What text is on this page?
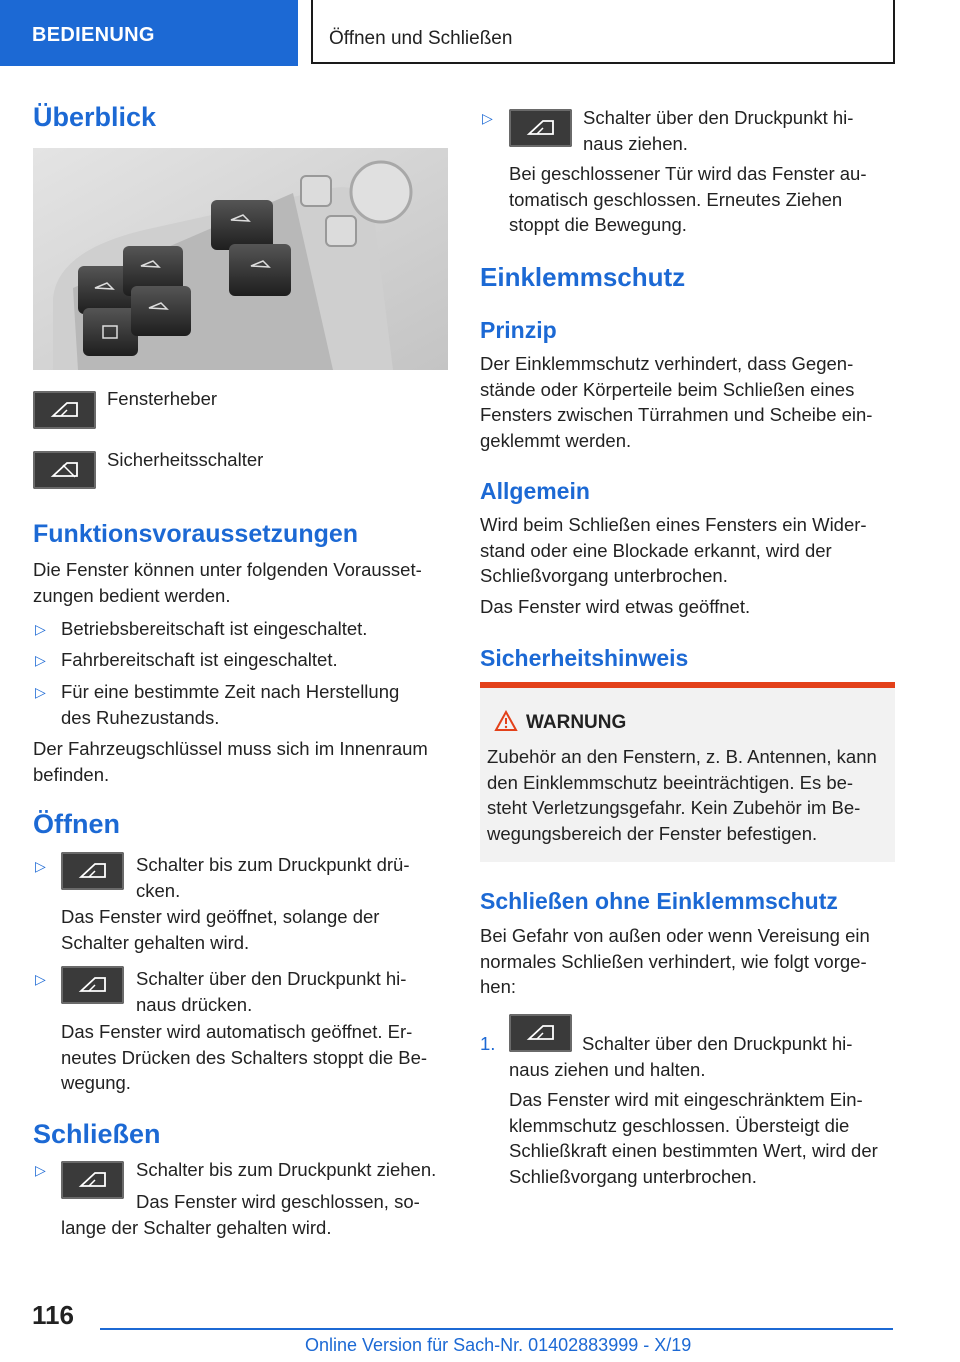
BEDIENUNG	Öffnen und Schließen
Überblick
Fensterheber
Sicherheitsschalter
Funktionsvoraussetzungen
Die Fenster können unter folgenden Vorausset-
zungen bedient werden.
▷ Betriebsbereitschaft ist eingeschaltet.
▷ Fahrbereitschaft ist eingeschaltet.
▷ Für eine bestimmte Zeit nach Herstellung
des Ruhezustands.
Der Fahrzeugschlüssel muss sich im Innenraum
befinden.
Öffnen
▷	Schalter bis zum Druckpunkt drü-
cken.
Das Fenster wird geöffnet, solange der
Schalter gehalten wird.
▷	Schalter über den Druckpunkt hi-
naus drücken.
Das Fenster wird automatisch geöffnet. Er-
neutes Drücken des Schalters stoppt die Be-
wegung.
Schließen
▷	Schalter bis zum Druckpunkt ziehen.
Das Fenster wird geschlossen, so-
lange der Schalter gehalten wird.
▷	Schalter über den Druckpunkt hi-
naus ziehen.
Bei geschlossener Tür wird das Fenster au-
tomatisch geschlossen. Erneutes Ziehen
stoppt die Bewegung.
Einklemmschutz
Prinzip
Der Einklemmschutz verhindert, dass Gegen-
stände oder Körperteile beim Schließen eines
Fensters zwischen Türrahmen und Scheibe ein-
geklemmt werden.
Allgemein
Wird beim Schließen eines Fensters ein Wider-
stand oder eine Blockade erkannt, wird der
Schließvorgang unterbrochen.
Das Fenster wird etwas geöffnet.
Sicherheitshinweis
WARNUNG
Zubehör an den Fenstern, z. B. Antennen, kann
den Einklemmschutz beeinträchtigen. Es be-
steht Verletzungsgefahr. Kein Zubehör im Be-
wegungsbereich der Fenster befestigen.
Schließen ohne Einklemmschutz
Bei Gefahr von außen oder wenn Vereisung ein
normales Schließen verhindert, wie folgt vorge-
hen:
1.	Schalter über den Druckpunkt hi-
naus ziehen und halten.
Das Fenster wird mit eingeschränktem Ein-
klemmschutz geschlossen. Übersteigt die
Schließkraft einen bestimmten Wert, wird der
Schließvorgang unterbrochen.
116
Online Version für Sach-Nr. 01402883999 - X/19
